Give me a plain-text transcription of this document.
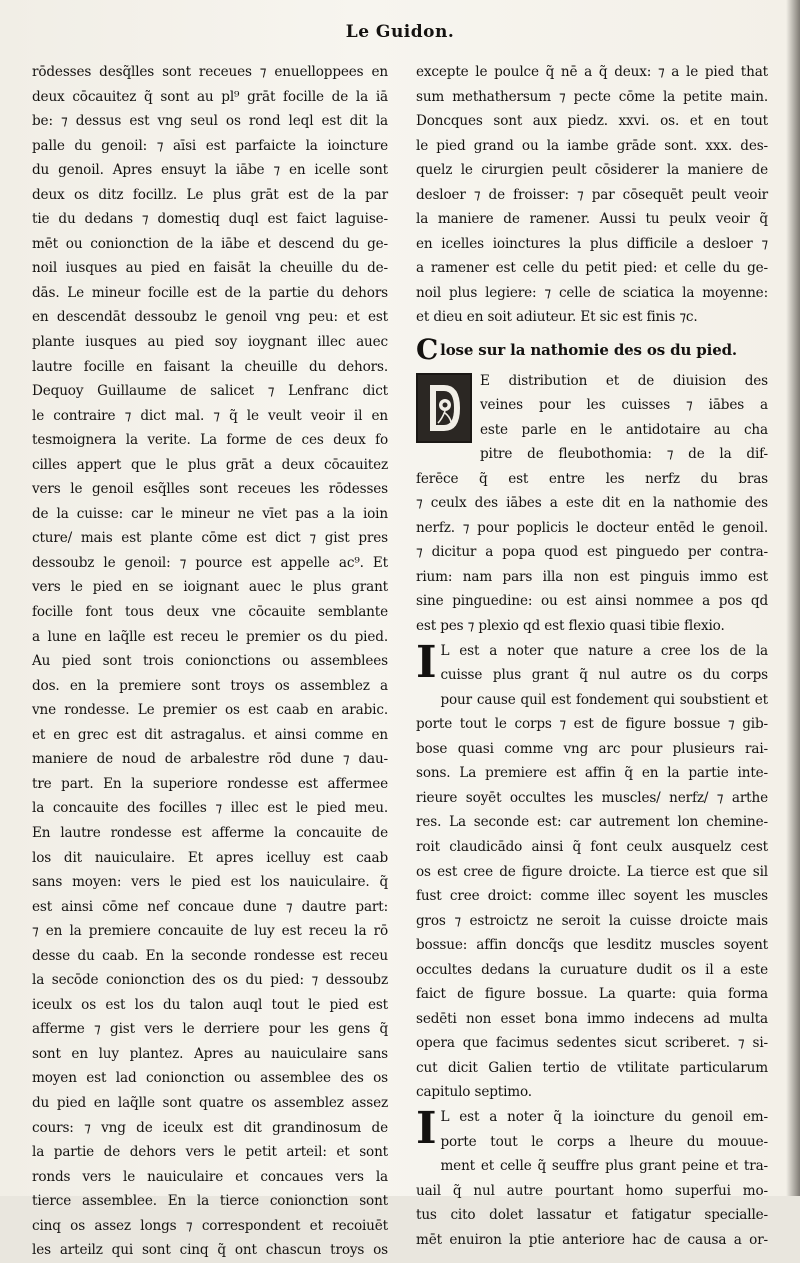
Le Guidon.
rōdesses desq̃lles sont receues ⁊ enuelloppees en
deux cōcauitez q̃ sont au pl⁹ grāt focille de la iā
be: ⁊ dessus est vng seul os rond leql est dit la
palle du genoil: ⁊ aīsi est parfaicte la ioincture
du genoil. Apres ensuyt la iābe ⁊ en icelle sont
deux os ditz focillz. Le plus grāt est de la par
tie du dedans ⁊ domestiq duql est faict laguise-
mēt ou conionction de la iābe et descend du ge-
noil iusques au pied en faisāt la cheuille du de-
dās. Le mineur focille est de la partie du dehors
en descendāt dessoubz le genoil vng peu: et est
plante iusques au pied soy ioygnant illec auec
lautre focille en faisant la cheuille du dehors.
Dequoy Guillaume de salicet ⁊ Lenfranc dict
le contraire ⁊ dict mal. ⁊ q̃ le veult veoir il en
tesmoignera la verite. La forme de ces deux fo
cilles appert que le plus grāt a deux cōcauitez
vers le genoil esq̃lles sont receues les rōdesses
de la cuisse: car le mineur ne vīet pas a la ioin
cture/ mais est plante cōme est dict ⁊ gist pres
dessoubz le genoil: ⁊ pource est appelle ac⁹. Et
vers le pied en se ioignant auec le plus grant
focille font tous deux vne cōcauite semblante
a lune en laq̃lle est receu le premier os du pied.
Au pied sont trois conionctions ou assemblees
dos. en la premiere sont troys os assemblez a
vne rondesse. Le premier os est caab en arabic.
et en grec est dit astragalus. et ainsi comme en
maniere de noud de arbalestre rōd dune ⁊ dau-
tre part. En la superiore rondesse est affermee
la concauite des focilles ⁊ illec est le pied meu.
En lautre rondesse est afferme la concauite de
los dit nauiculaire. Et apres icelluy est caab
sans moyen: vers le pied est los nauiculaire. q̃
est ainsi cōme nef concaue dune ⁊ dautre part:
⁊ en la premiere concauite de luy est receu la rō
desse du caab. En la seconde rondesse est receu
la secōde conionction des os du pied: ⁊ dessoubz
iceulx os est los du talon auql tout le pied est
afferme ⁊ gist vers le derriere pour les gens q̃
sont en luy plantez. Apres au nauiculaire sans
moyen est lad conionction ou assemblee des os
du pied en laq̃lle sont quatre os assemblez assez
cours: ⁊ vng de iceulx est dit grandinosum de
la partie de dehors vers le petit arteil: et sont
ronds vers le nauiculaire et concaues vers la
tierce assemblee. En la tierce conionction sont
cinq os assez longs ⁊ correspondent et recoiuēt
les arteilz qui sont cinq q̃ ont chascun troys os
excepte le poulce q̃ nē a q̃ deux: ⁊ a le pied that
sum methathersum ⁊ pecte cōme la petite main.
Doncques sont aux piedz. xxvi. os. et en tout
le pied grand ou la iambe grāde sont. xxx. des-
quelz le cirurgien peult cōsiderer la maniere de
desloer ⁊ de froisser: ⁊ par cōsequēt peult veoir
la maniere de ramener. Aussi tu peulx veoir q̃
en icelles ioinctures la plus difficile a desloer ⁊
a ramener est celle du petit pied: et celle du ge-
noil plus legiere: ⁊ celle de sciatica la moyenne:
et dieu en soit adiuteur. Et sic est finis ⁊c.
Close sur la nathomie des os du pied.
E distribution et de diuision des
veines pour les cuisses ⁊ iābes a
este parle en le antidotaire au cha
pitre de fleubothomia: ⁊ de la dif-
ferēce q̃ est entre les nerfz du bras
⁊ ceulx des iābes a este dit en la nathomie des
nerfz. ⁊ pour poplicis le docteur entēd le genoil.
⁊ dicitur a popa quod est pinguedo per contra-
rium: nam pars illa non est pinguis immo est
sine pinguedine: ou est ainsi nommee a pos qd
est pes ⁊ plexio qd est flexio quasi tibie flexio.
I L est a noter que nature a cree los de la
cuisse plus grant q̃ nul autre os du corps
pour cause quil est fondement qui soubstient et
porte tout le corps ⁊ est de figure bossue ⁊ gib-
bose quasi comme vng arc pour plusieurs rai-
sons. La premiere est affin q̃ en la partie inte-
rieure soyēt occultes les muscles/ nerfz/ ⁊ arthe
res. La seconde est: car autrement lon chemine-
roit claudicādo ainsi q̃ font ceulx ausquelz cest
os est cree de figure droicte. La tierce est que sil
fust cree droict: comme illec soyent les muscles
gros ⁊ estroictz ne seroit la cuisse droicte mais
bossue: affin doncq̃s que lesditz muscles soyent
occultes dedans la curuature dudit os il a este
faict de figure bossue. La quarte: quia forma
sedēti non esset bona immo indecens ad multa
opera que facimus sedentes sicut scriberet. ⁊ si-
cut dicit Galien tertio de vtilitate particularum
capitulo septimo.
I L est a noter q̃ la ioincture du genoil em-
porte tout le corps a lheure du mouue-
ment et celle q̃ seuffre plus grant peine et tra-
uail q̃ nul autre pourtant homo superfui mo-
tus cito dolet lassatur et fatigatur specialle-
mēt enuiron la ptie anteriore hac de causa a or-
